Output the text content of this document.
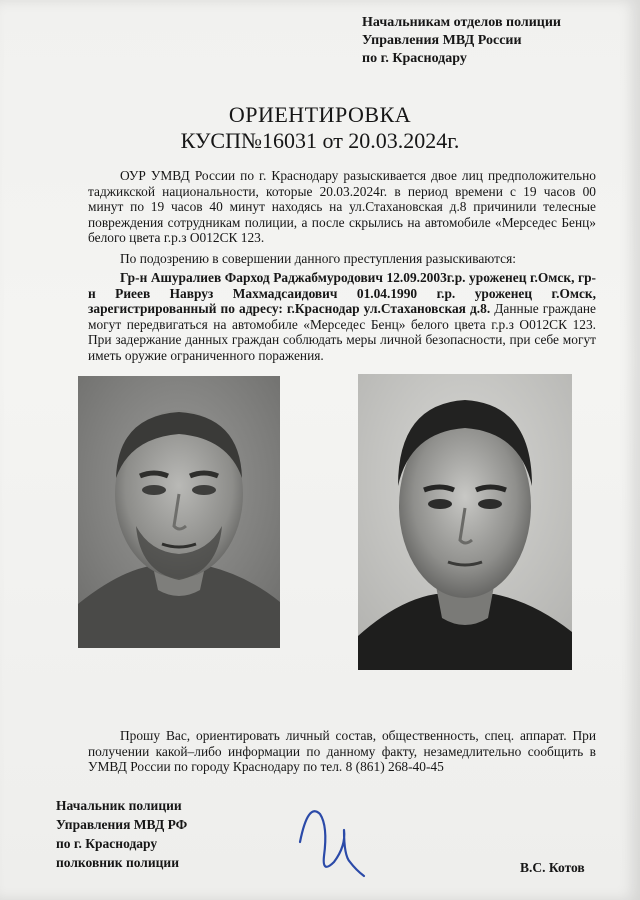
Начальникам отделов полиции
Управления МВД России
по г. Краснодару
ОРИЕНТИРОВКА
КУСП№16031 от 20.03.2024г.
ОУР УМВД России по г. Краснодару разыскивается двое лиц предположительно таджикской национальности, которые 20.03.2024г. в период времени с 19 часов 00 минут по 19 часов 40 минут находясь на ул.Стахановская д.8 причинили телесные повреждения сотрудникам полиции, а после скрылись на автомобиле «Мерседес Бенц» белого цвета г.р.з О012СК 123.
По подозрению в совершении данного преступления разыскиваются:
Гр-н Ашуралиев Фарход Раджабмуродович 12.09.2003г.р. уроженец г.Омск, гр-н Риеев Навруз Махмадсаидович 01.04.1990 г.р. уроженец г.Омск, зарегистрированный по адресу: г.Краснодар ул.Стахановская д.8. Данные граждане могут передвигаться на автомобиле «Мерседес Бенц» белого цвета г.р.з О012СК 123. При задержание данных граждан соблюдать меры личной безопасности, при себе могут иметь оружие ограниченного поражения.
Прошу Вас, ориентировать личный состав, общественность, спец. аппарат. При получении какой–либо информации по данному факту, незамедлительно сообщить в УМВД России по городу Краснодару по тел. 8 (861) 268-40-45
Начальник полиции
Управления МВД РФ
по г. Краснодару
полковник полиции	В.С. Котов
